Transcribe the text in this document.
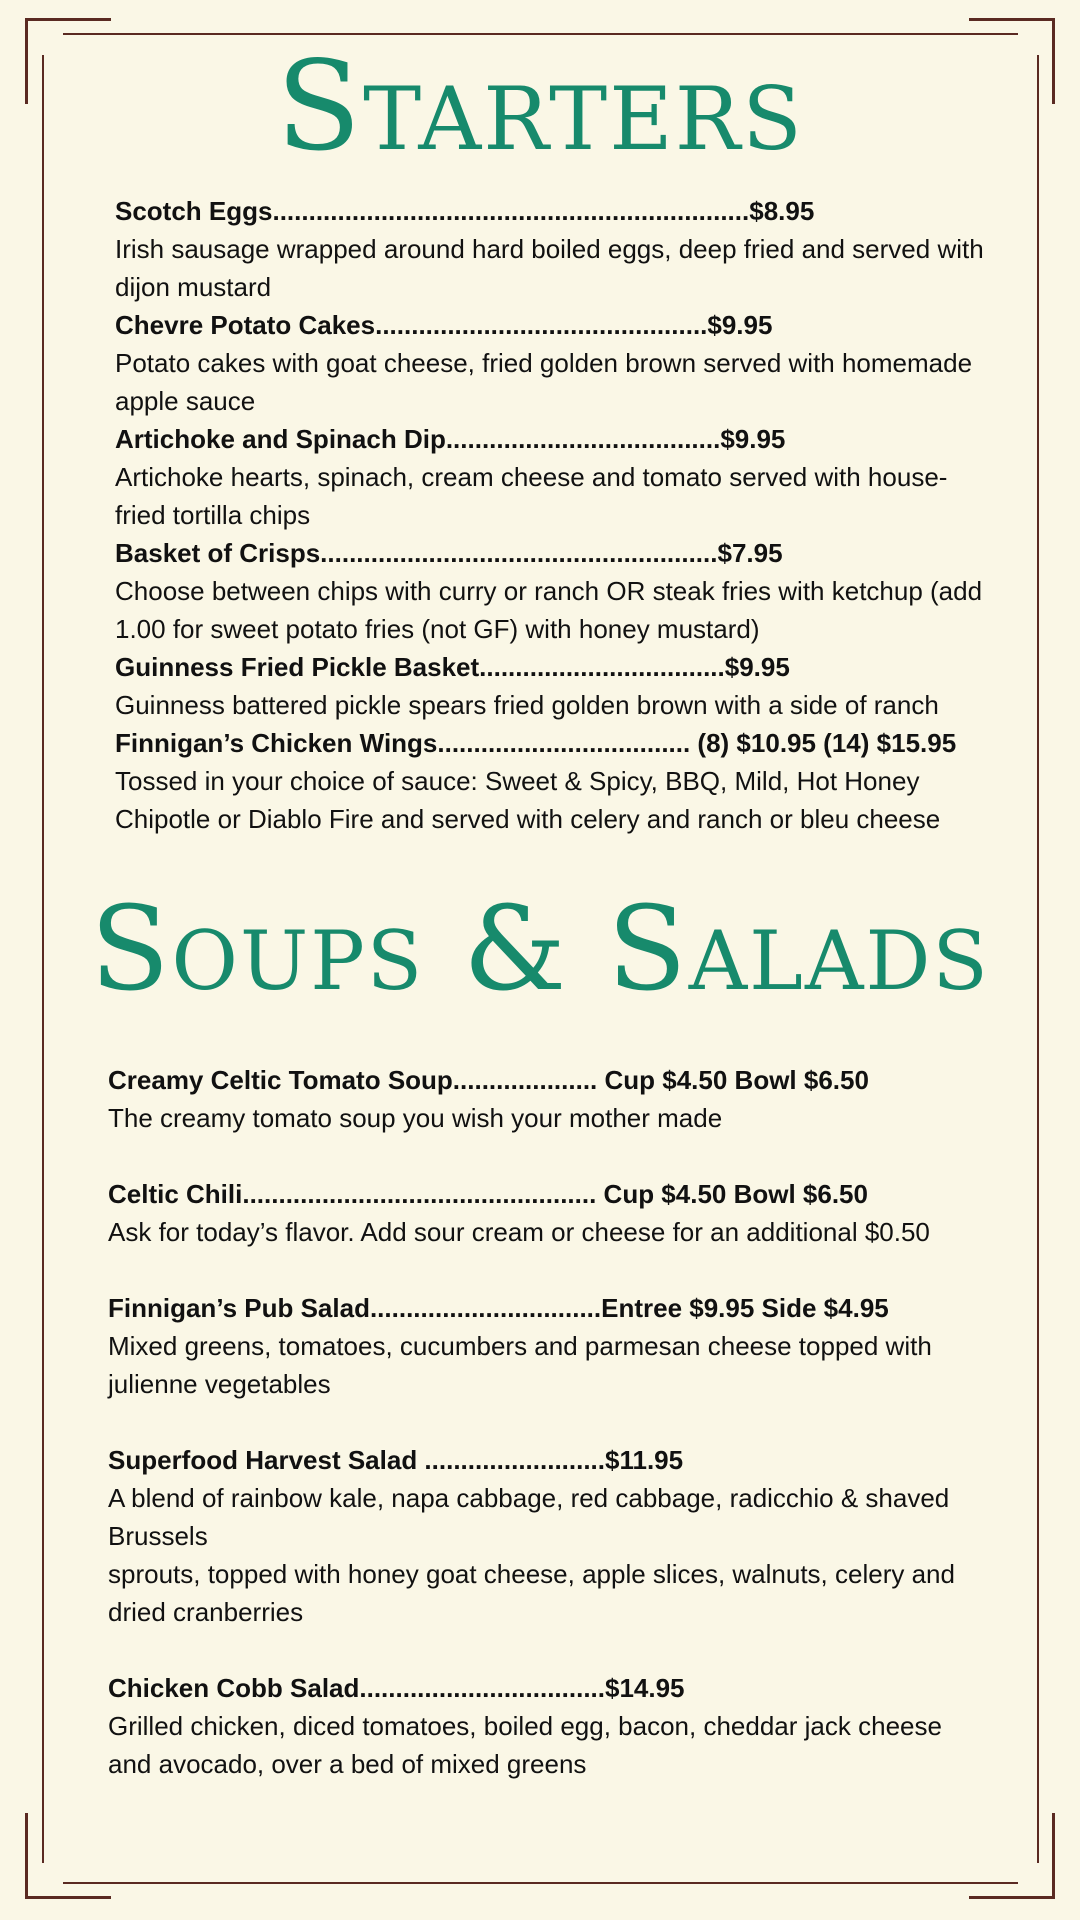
Starters
Scotch Eggs..................................................................$8.95
Irish sausage wrapped around hard boiled eggs, deep fried and served with dijon mustard
Chevre Potato Cakes..............................................$9.95
Potato cakes with goat cheese, fried golden brown served with homemade apple sauce
Artichoke and Spinach Dip......................................$9.95
Artichoke hearts, spinach, cream cheese and tomato served with house-fried tortilla chips
Basket of Crisps.......................................................$7.95
Choose between chips with curry or ranch OR steak fries with ketchup (add 1.00 for sweet potato fries (not GF) with honey mustard)
Guinness Fried Pickle Basket..................................$9.95
Guinness battered pickle spears fried golden brown with a side of ranch
Finnigan’s Chicken Wings................................... (8) $10.95 (14) $15.95
Tossed in your choice of sauce: Sweet & Spicy, BBQ, Mild, Hot Honey Chipotle or Diablo Fire and served with celery and ranch or bleu cheese
Soups & Salads
Creamy Celtic Tomato Soup.................... Cup $4.50 Bowl $6.50
The creamy tomato soup you wish your mother made
Celtic Chili................................................. Cup $4.50 Bowl $6.50
Ask for today’s flavor. Add sour cream or cheese for an additional $0.50
Finnigan’s Pub Salad................................Entree $9.95 Side $4.95
Mixed greens, tomatoes, cucumbers and parmesan cheese topped with julienne vegetables
Superfood Harvest Salad .........................$11.95
A blend of rainbow kale, napa cabbage, red cabbage, radicchio & shaved Brussels
sprouts, topped with honey goat cheese, apple slices, walnuts, celery and dried cranberries
Chicken Cobb Salad..................................$14.95
Grilled chicken, diced tomatoes, boiled egg, bacon, cheddar jack cheese and avocado, over a bed of mixed greens
